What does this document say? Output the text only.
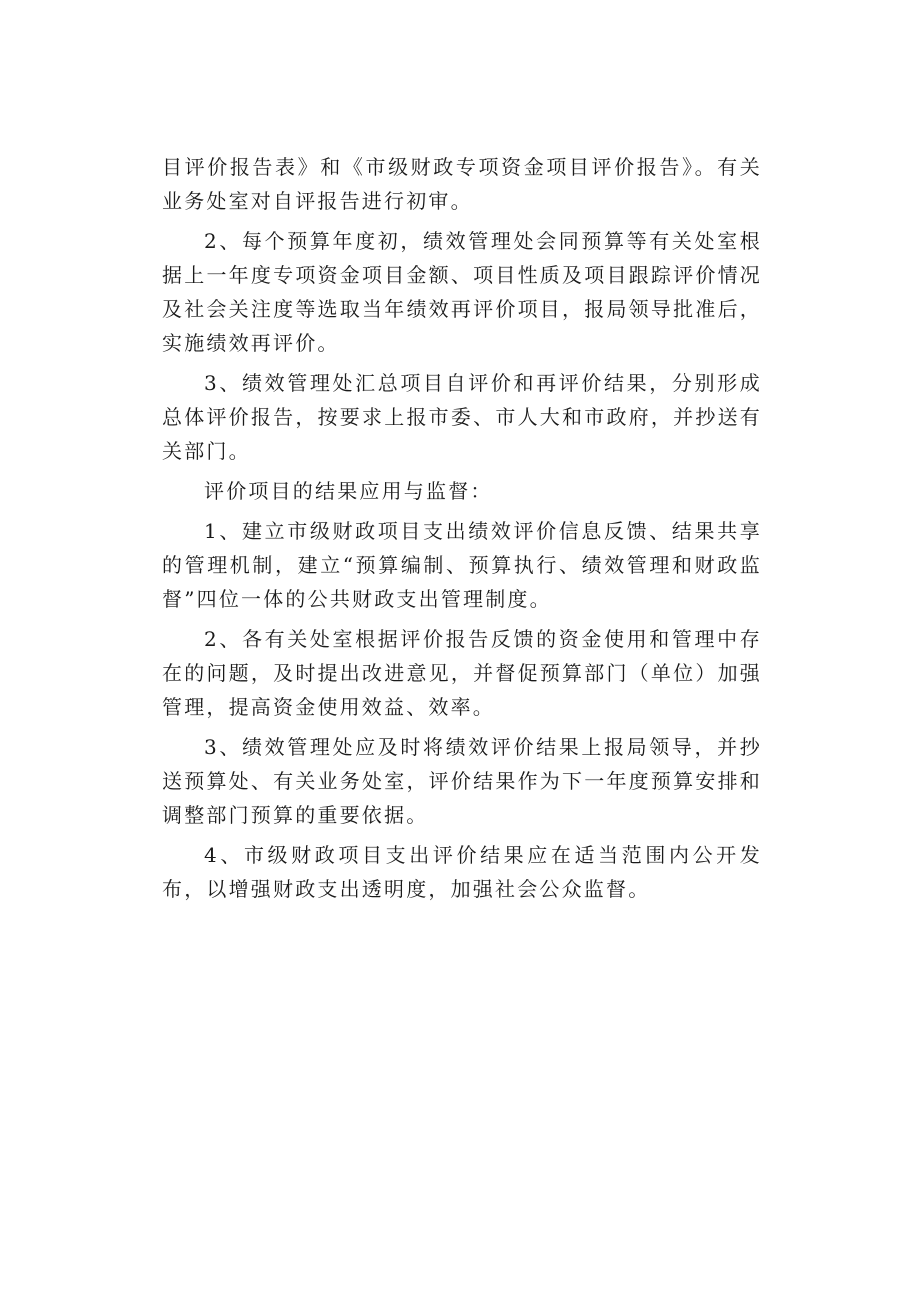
目评价报告表》和《市级财政专项资金项目评价报告》。有关业务处室对自评报告进行初审。

2、每个预算年度初，绩效管理处会同预算等有关处室根据上一年度专项资金项目金额、项目性质及项目跟踪评价情况及社会关注度等选取当年绩效再评价项目，报局领导批准后，实施绩效再评价。

3、绩效管理处汇总项目自评价和再评价结果，分别形成总体评价报告，按要求上报市委、市人大和市政府，并抄送有关部门。

评价项目的结果应用与监督：

1、建立市级财政项目支出绩效评价信息反馈、结果共享的管理机制，建立“预算编制、预算执行、绩效管理和财政监督”四位一体的公共财政支出管理制度。

2、各有关处室根据评价报告反馈的资金使用和管理中存在的问题，及时提出改进意见，并督促预算部门（单位）加强管理，提高资金使用效益、效率。

3、绩效管理处应及时将绩效评价结果上报局领导，并抄送预算处、有关业务处室，评价结果作为下一年度预算安排和调整部门预算的重要依据。

4、市级财政项目支出评价结果应在适当范围内公开发布，以增强财政支出透明度，加强社会公众监督。
